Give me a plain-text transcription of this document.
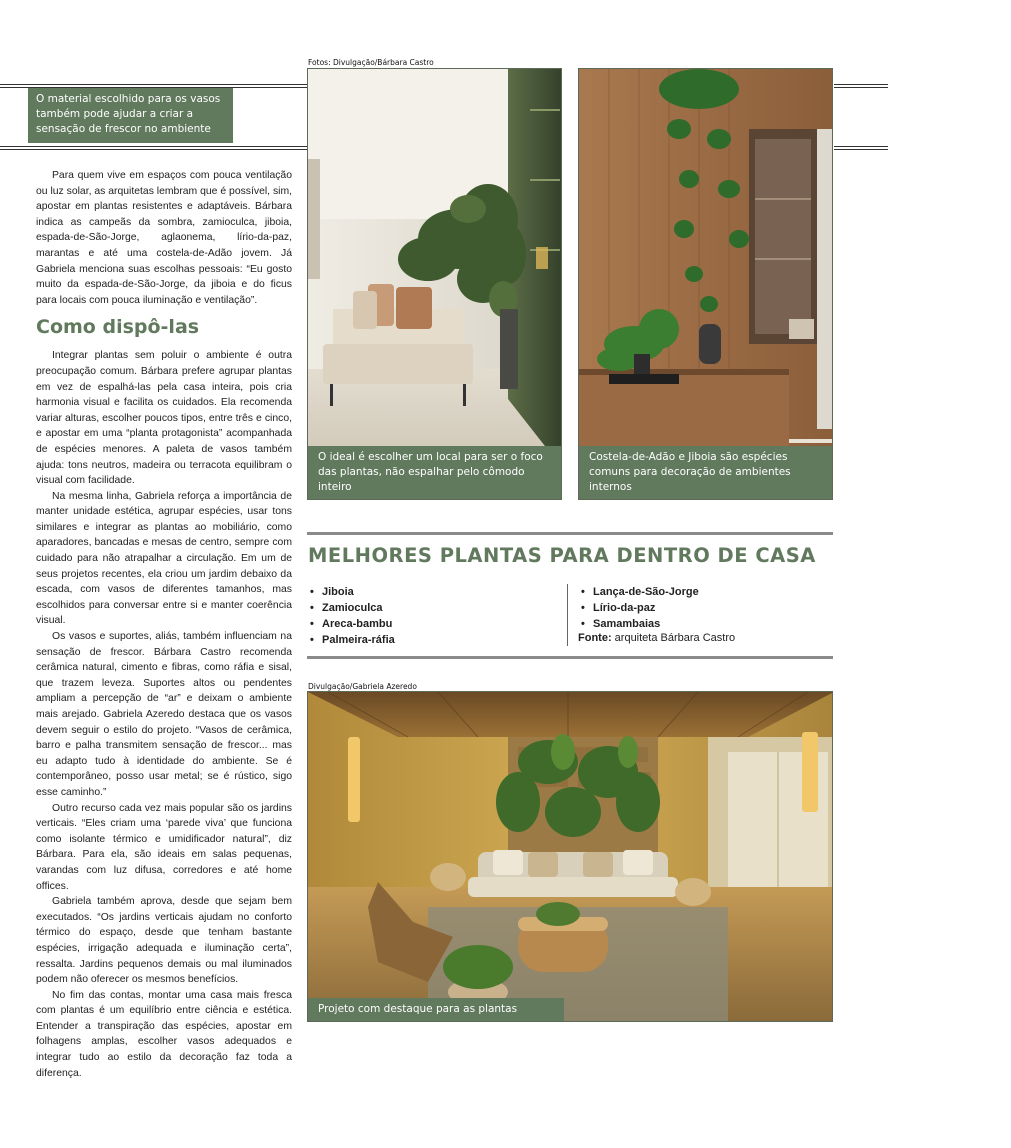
Fotos: Divulgação/Bárbara Castro
O material escolhido para os vasos também pode ajudar a criar a sensação de frescor no ambiente
O ideal é escolher um local para ser o foco das plantas, não espalhar pelo cômodo inteiro
Costela-de-Adão e Jiboia são espécies comuns para decoração de ambientes internos

Para quem vive em espaços com pouca ventilação ou luz solar, as arquitetas lembram que é possível, sim, apostar em plantas resistentes e adaptáveis. Bárbara indica as campeãs da sombra, zamioculca, jiboia, espada-de-São-Jorge, aglaonema, lírio-da-paz, marantas e até uma costela-de-Adão jovem. Já Gabriela menciona suas escolhas pessoais: “Eu gosto muito da espada-de-São-Jorge, da jiboia e do ficus para locais com pouca iluminação e ventilação”.

Como dispô-las

Integrar plantas sem poluir o ambiente é outra preocupação comum. Bárbara prefere agrupar plantas em vez de espalhá-las pela casa inteira, pois cria harmonia visual e facilita os cuidados. Ela recomenda variar alturas, escolher poucos tipos, entre três e cinco, e apostar em uma “planta protagonista” acompanhada de espécies menores. A paleta de vasos também ajuda: tons neutros, madeira ou terracota equilibram o visual com facilidade.

Na mesma linha, Gabriela reforça a importância de manter unidade estética, agrupar espécies, usar tons similares e integrar as plantas ao mobiliário, como aparadores, bancadas e mesas de centro, sempre com cuidado para não atrapalhar a circulação. Em um de seus projetos recentes, ela criou um jardim debaixo da escada, com vasos de diferentes tamanhos, mas escolhidos para conversar entre si e manter coerência visual.

Os vasos e suportes, aliás, também influenciam na sensação de frescor. Bárbara Castro recomenda cerâmica natural, cimento e fibras, como ráfia e sisal, que trazem leveza. Suportes altos ou pendentes ampliam a percepção de “ar” e deixam o ambiente mais arejado. Gabriela Azeredo destaca que os vasos devem seguir o estilo do projeto. “Vasos de cerâmica, barro e palha transmitem sensação de frescor... mas eu adapto tudo à identidade do ambiente. Se é contemporâneo, posso usar metal; se é rústico, sigo esse caminho.”

Outro recurso cada vez mais popular são os jardins verticais. “Eles criam uma ‘parede viva’ que funciona como isolante térmico e umidificador natural”, diz Bárbara. Para ela, são ideais em salas pequenas, varandas com luz difusa, corredores e até home offices.

Gabriela também aprova, desde que sejam bem executados. “Os jardins verticais ajudam no conforto térmico do espaço, desde que tenham bastante espécies, irrigação adequada e iluminação certa”, ressalta. Jardins pequenos demais ou mal iluminados podem não oferecer os mesmos benefícios.

No fim das contas, montar uma casa mais fresca com plantas é um equilíbrio entre ciência e estética. Entender a transpiração das espécies, apostar em folhagens amplas, escolher vasos adequados e integrar tudo ao estilo da decoração faz toda a diferença.

MELHORES PLANTAS PARA DENTRO DE CASA
• Jiboia
• Zamioculca
• Areca-bambu
• Palmeira-ráfia
• Lança-de-São-Jorge
• Lírio-da-paz
• Samambaias
Fonte: arquiteta Bárbara Castro
Divulgação/Gabriela Azeredo
Projeto com destaque para as plantas
